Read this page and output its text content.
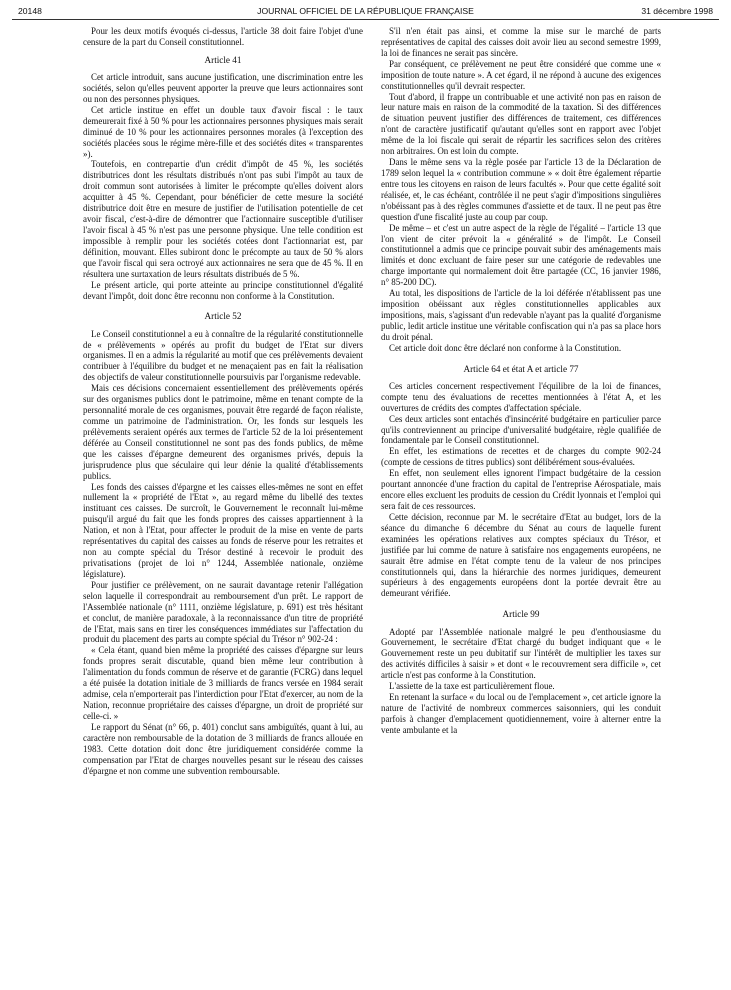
20148	JOURNAL OFFICIEL DE LA RÉPUBLIQUE FRANÇAISE	31 décembre 1998

Pour les deux motifs évoqués ci-dessus, l'article 38 doit faire l'objet d'une censure de la part du Conseil constitutionnel.

Article 41

Cet article introduit, sans aucune justification, une discrimination entre les sociétés, selon qu'elles peuvent apporter la preuve que leurs actionnaires sont ou non des personnes physiques.

Cet article institue en effet un double taux d'avoir fiscal : le taux demeurerait fixé à 50 % pour les actionnaires personnes physiques mais serait diminué de 10 % pour les actionnaires personnes morales (à l'exception des sociétés placées sous le régime mère-fille et des sociétés dites « transparentes »).

Toutefois, en contrepartie d'un crédit d'impôt de 45 %, les sociétés distributrices dont les résultats distribués n'ont pas subi l'impôt au taux de droit commun sont autorisées à limiter le précompte qu'elles doivent alors acquitter à 45 %. Cependant, pour bénéficier de cette mesure la société distributrice doit être en mesure de justifier de l'utilisation potentielle de cet avoir fiscal, c'est-à-dire de démontrer que l'actionnaire susceptible d'utiliser l'avoir fiscal à 45 % n'est pas une personne physique. Une telle condition est impossible à remplir pour les sociétés cotées dont l'actionnariat est, par définition, mouvant. Elles subiront donc le précompte au taux de 50 % alors que l'avoir fiscal qui sera octroyé aux actionnaires ne sera que de 45 %. Il en résultera une surtaxation de leurs résultats distribués de 5 %.

Le présent article, qui porte atteinte au principe constitutionnel d'égalité devant l'impôt, doit donc être reconnu non conforme à la Constitution.

Article 52

Le Conseil constitutionnel a eu à connaître de la régularité constitutionnelle de « prélèvements » opérés au profit du budget de l'Etat sur divers organismes. Il en a admis la régularité au motif que ces prélèvements devaient contribuer à l'équilibre du budget et ne menaçaient pas en fait la réalisation des objectifs de valeur constitutionnelle poursuivis par l'organisme redevable.

Mais ces décisions concernaient essentiellement des prélèvements opérés sur des organismes publics dont le patrimoine, même en tenant compte de la personnalité morale de ces organismes, pouvait être regardé de façon réaliste, comme un patrimoine de l'administration. Or, les fonds sur lesquels les prélèvements seraient opérés aux termes de l'article 52 de la loi présentement déférée au Conseil constitutionnel ne sont pas des fonds publics, de même que les caisses d'épargne demeurent des organismes privés, depuis la jurisprudence plus que séculaire qui leur dénie la qualité d'établissements publics.

Les fonds des caisses d'épargne et les caisses elles-mêmes ne sont en effet nullement la « propriété de l'Etat », au regard même du libellé des textes instituant ces caisses. De surcroît, le Gouvernement le reconnaît lui-même puisqu'il argué du fait que les fonds propres des caisses appartiennent à la Nation, et non à l'Etat, pour affecter le produit de la mise en vente de parts représentatives du capital des caisses au fonds de réserve pour les retraites et non au compte spécial du Trésor destiné à recevoir le produit des privatisations (projet de loi n° 1244, Assemblée nationale, onzième législature).

Pour justifier ce prélèvement, on ne saurait davantage retenir l'allégation selon laquelle il correspondrait au remboursement d'un prêt. Le rapport de l'Assemblée nationale (n° 1111, onzième législature, p. 691) est très hésitant et conclut, de manière paradoxale, à la reconnaissance d'un titre de propriété de l'Etat, mais sans en tirer les conséquences immédiates sur l'affectation du produit du placement des parts au compte spécial du Trésor n° 902-24 :

« Cela étant, quand bien même la propriété des caisses d'épargne sur leurs fonds propres serait discutable, quand bien même leur contribution à l'alimentation du fonds commun de réserve et de garantie (FCRG) dans lequel a été puisée la dotation initiale de 3 milliards de francs versée en 1984 serait admise, cela n'emporterait pas l'interdiction pour l'Etat d'exercer, au nom de la Nation, reconnue propriétaire des caisses d'épargne, un droit de propriété sur celle-ci. »

Le rapport du Sénat (n° 66, p. 401) conclut sans ambiguïtés, quant à lui, au caractère non remboursable de la dotation de 3 milliards de francs allouée en 1983. Cette dotation doit donc être juridiquement considérée comme la compensation par l'Etat de charges nouvelles pesant sur le réseau des caisses d'épargne et non comme une subvention remboursable.

S'il n'en était pas ainsi, et comme la mise sur le marché de parts représentatives de capital des caisses doit avoir lieu au second semestre 1999, la loi de finances ne serait pas sincère.

Par conséquent, ce prélèvement ne peut être considéré que comme une « imposition de toute nature ». A cet égard, il ne répond à aucune des exigences constitutionnelles qu'il devrait respecter.

Tout d'abord, il frappe un contribuable et une activité non pas en raison de leur nature mais en raison de la commodité de la taxation. Si des différences de situation peuvent justifier des différences de traitement, ces différences n'ont de caractère justificatif qu'autant qu'elles sont en rapport avec l'objet même de la loi fiscale qui serait de répartir les sacrifices selon des critères non arbitraires. On est loin du compte.

Dans le même sens va la règle posée par l'article 13 de la Déclaration de 1789 selon lequel la « contribution commune » « doit être également répartie entre tous les citoyens en raison de leurs facultés ». Pour que cette égalité soit réalisée, et, le cas échéant, contrôlée il ne peut s'agir d'impositions singulières n'obéissant pas à des règles communes d'assiette et de taux. Il ne peut pas être question d'une fiscalité juste au coup par coup.

De même – et c'est un autre aspect de la règle de l'égalité – l'article 13 que l'on vient de citer prévoit la « généralité » de l'impôt. Le Conseil constitutionnel a admis que ce principe pouvait subir des aménagements mais limités et donc excluant de faire peser sur une catégorie de redevables une charge importante qui normalement doit être partagée (CC, 16 janvier 1986, n° 85-200 DC).

Au total, les dispositions de l'article de la loi déférée n'établissent pas une imposition obéissant aux règles constitutionnelles applicables aux impositions, mais, s'agissant d'un redevable n'ayant pas la qualité d'organisme public, ledit article institue une véritable confiscation qui n'a pas sa place hors du droit pénal.

Cet article doit donc être déclaré non conforme à la Constitution.

Article 64 et état A et article 77

Ces articles concernent respectivement l'équilibre de la loi de finances, compte tenu des évaluations de recettes mentionnées à l'état A, et les ouvertures de crédits des comptes d'affectation spéciale.

Ces deux articles sont entachés d'insincérité budgétaire en particulier parce qu'ils contreviennent au principe d'universalité budgétaire, règle qualifiée de fondamentale par le Conseil constitutionnel.

En effet, les estimations de recettes et de charges du compte 902-24 (compte de cessions de titres publics) sont délibérément sous-évaluées.

En effet, non seulement elles ignorent l'impact budgétaire de la cession pourtant annoncée d'une fraction du capital de l'entreprise Aérospatiale, mais encore elles excluent les produits de cession du Crédit lyonnais et l'emploi qui sera fait de ces ressources.

Cette décision, reconnue par M. le secrétaire d'Etat au budget, lors de la séance du dimanche 6 décembre du Sénat au cours de laquelle furent examinées les opérations relatives aux comptes spéciaux du Trésor, et justifiée par lui comme de nature à satisfaire nos engagements européens, ne saurait être admise en l'état compte tenu de la valeur de nos principes constitutionnels qui, dans la hiérarchie des normes juridiques, demeurent supérieurs à des engagements européens dont la portée devrait être au demeurant vérifiée.

Article 99

Adopté par l'Assemblée nationale malgré le peu d'enthousiasme du Gouvernement, le secrétaire d'Etat chargé du budget indiquant que « le Gouvernement reste un peu dubitatif sur l'intérêt de multiplier les taxes sur des activités difficiles à saisir » et dont « le recouvrement sera difficile », cet article n'est pas conforme à la Constitution.

L'assiette de la taxe est particulièrement floue.

En retenant la surface « du local ou de l'emplacement », cet article ignore la nature de l'activité de nombreux commerces saisonniers, qui les conduit parfois à changer d'emplacement quotidiennement, voire à alterner entre la vente ambulante et la
